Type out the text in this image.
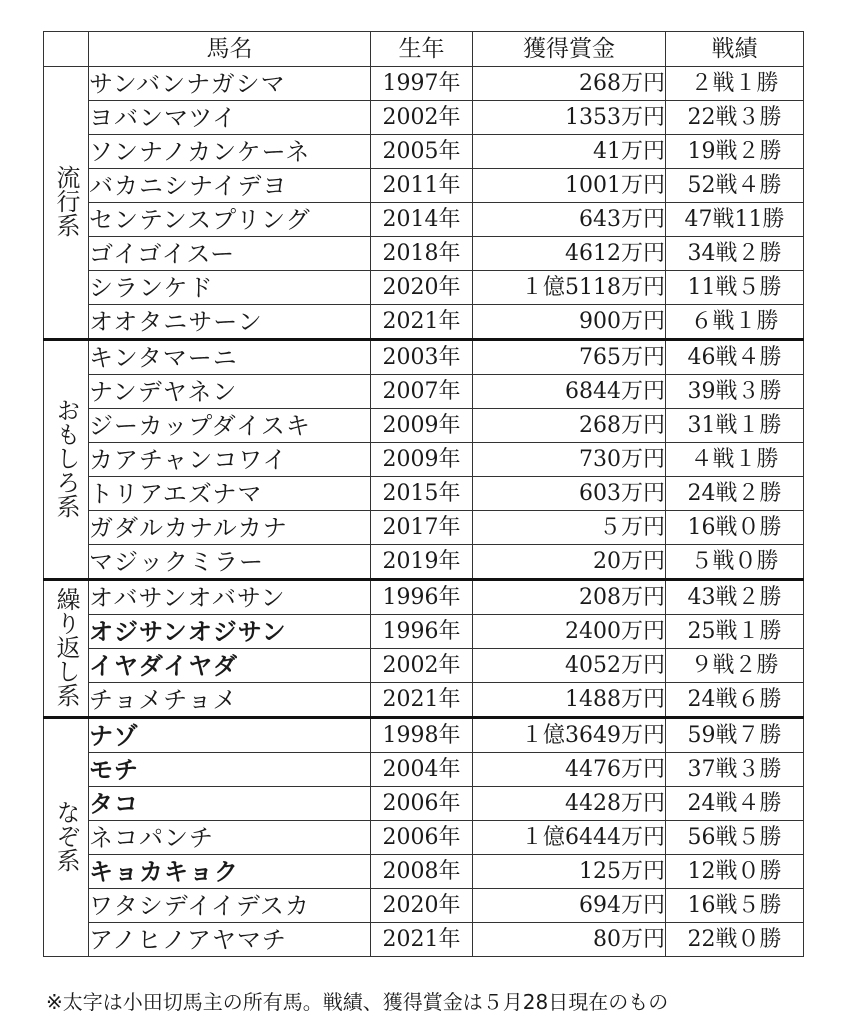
	馬名	生年	獲得賞金	戦績
流行系	サンバンナガシマ	1997年	268万円	２戦１勝
	ヨバンマツイ	2002年	1353万円	22戦３勝
	ソンナノカンケーネ	2005年	41万円	19戦２勝
	バカニシナイデヨ	2011年	1001万円	52戦４勝
	センテンスプリング	2014年	643万円	47戦11勝
	ゴイゴイスー	2018年	4612万円	34戦２勝
	シランケド	2020年	１億5118万円	11戦５勝
	オオタニサーン	2021年	900万円	６戦１勝
おもしろ系	キンタマーニ	2003年	765万円	46戦４勝
	ナンデヤネン	2007年	6844万円	39戦３勝
	ジーカップダイスキ	2009年	268万円	31戦１勝
	カアチャンコワイ	2009年	730万円	４戦１勝
	トリアエズナマ	2015年	603万円	24戦２勝
	ガダルカナルカナ	2017年	５万円	16戦０勝
	マジックミラー	2019年	20万円	５戦０勝
繰り返し系	オバサンオバサン	1996年	208万円	43戦２勝
	オジサンオジサン	1996年	2400万円	25戦１勝
	イヤダイヤダ	2002年	4052万円	９戦２勝
	チョメチョメ	2021年	1488万円	24戦６勝
なぞ系	ナゾ	1998年	１億3649万円	59戦７勝
	モチ	2004年	4476万円	37戦３勝
	タコ	2006年	4428万円	24戦４勝
	ネコパンチ	2006年	１億6444万円	56戦５勝
	キョカキョク	2008年	125万円	12戦０勝
	ワタシデイイデスカ	2020年	694万円	16戦５勝
	アノヒノアヤマチ	2021年	80万円	22戦０勝
※太字は小田切馬主の所有馬。戦績、獲得賞金は５月28日現在のもの
